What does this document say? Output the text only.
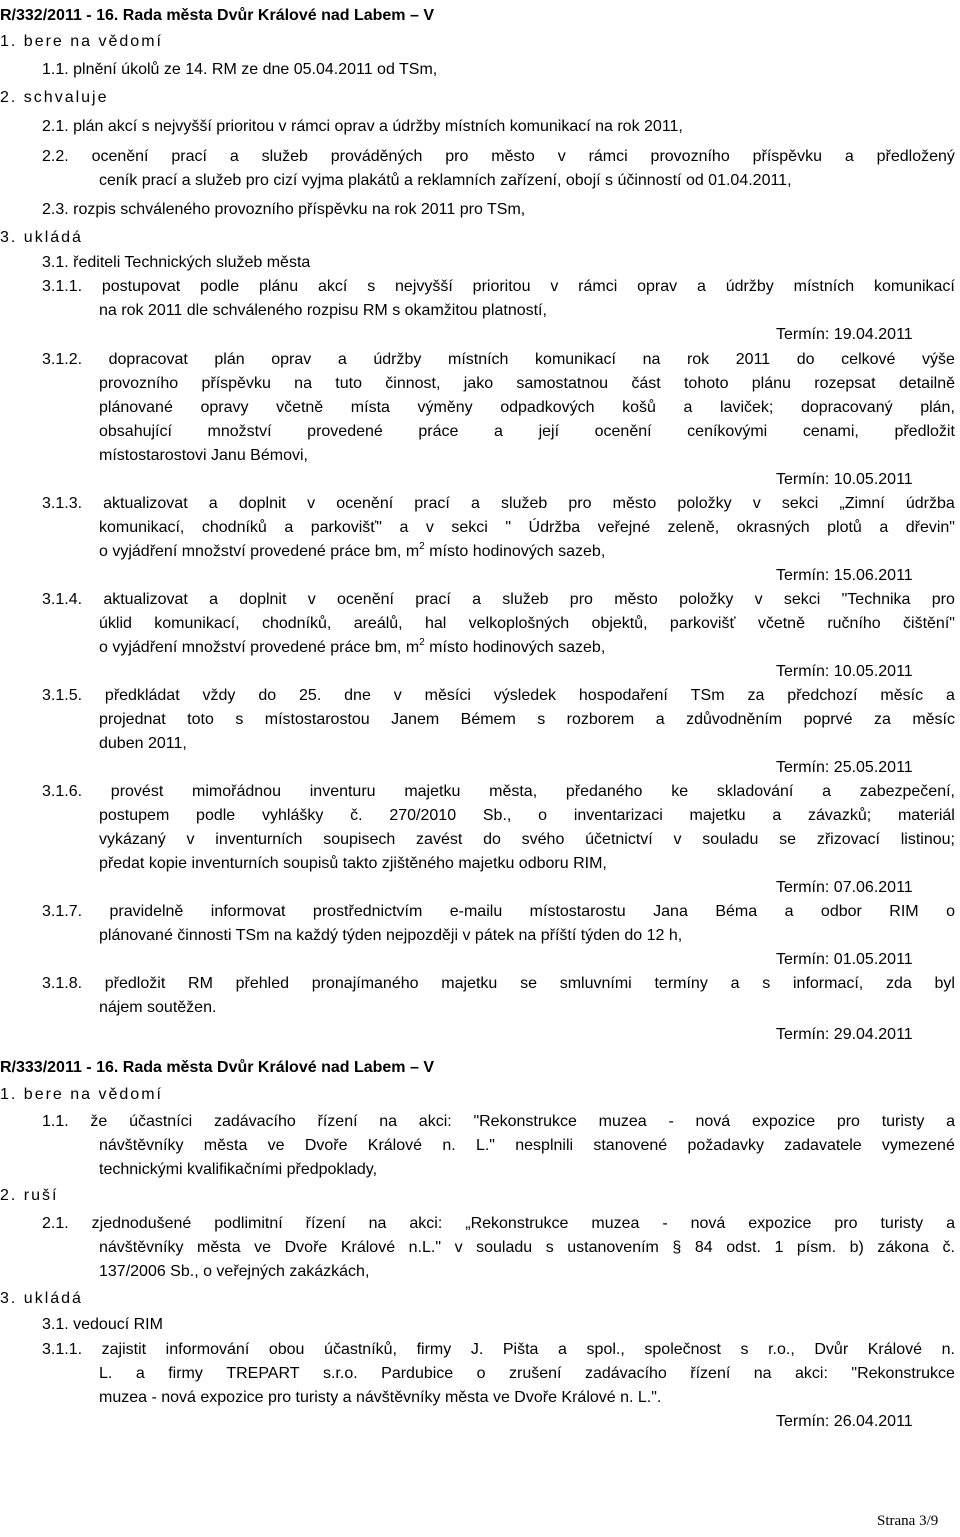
R/332/2011 - 16. Rada města Dvůr Králové nad Labem – V
1. bere na vědomí
1.1. plnění úkolů ze 14. RM ze dne 05.04.2011 od TSm,
2. schvaluje
2.1. plán akcí s nejvyšší prioritou v rámci oprav a údržby místních komunikací na rok 2011,
2.2. ocenění prací a služeb prováděných pro město v rámci provozního příspěvku a předložený
ceník prací a služeb pro cizí vyjma plakátů a reklamních zařízení, obojí s účinností od 01.04.2011,
2.3. rozpis schváleného provozního příspěvku na rok 2011 pro TSm,
3. ukládá
3.1. řediteli Technických služeb města
3.1.1. postupovat podle plánu akcí s nejvyšší prioritou v rámci oprav a údržby místních komunikací
na rok 2011 dle schváleného rozpisu RM s okamžitou platností,
Termín: 19.04.2011
3.1.2. dopracovat plán oprav a údržby místních komunikací na rok 2011 do celkové výše
provozního příspěvku na tuto činnost, jako samostatnou část tohoto plánu rozepsat detailně
plánované opravy včetně místa výměny odpadkových košů a laviček; dopracovaný plán,
obsahující množství provedené práce a její ocenění ceníkovými cenami, předložit
místostarostovi Janu Bémovi,
Termín: 10.05.2011
3.1.3. aktualizovat a doplnit v ocenění prací a služeb pro město položky v sekci „Zimní údržba
komunikací, chodníků a parkovišť" a v sekci " Údržba veřejné zeleně, okrasných plotů a dřevin"
o vyjádření množství provedené práce bm, $m^2$ místo hodinových sazeb,
Termín: 15.06.2011
3.1.4. aktualizovat a doplnit v ocenění prací a služeb pro město položky v sekci "Technika pro
úklid komunikací, chodníků, areálů, hal velkoplošných objektů, parkovišť včetně ručního čištění"
o vyjádření množství provedené práce bm, $m^2$ místo hodinových sazeb,
Termín: 10.05.2011
3.1.5. předkládat vždy do 25. dne v měsíci výsledek hospodaření TSm za předchozí měsíc a
projednat toto s místostarostou Janem Bémem s rozborem a zdůvodněním poprvé za měsíc
duben 2011,
Termín: 25.05.2011
3.1.6. provést mimořádnou inventuru majetku města, předaného ke skladování a zabezpečení,
postupem podle vyhlášky č. 270/2010 Sb., o inventarizaci majetku a závazků; materiál
vykázaný v inventurních soupisech zavést do svého účetnictví v souladu se zřizovací listinou;
předat kopie inventurních soupisů takto zjištěného majetku odboru RIM,
Termín: 07.06.2011
3.1.7. pravidelně informovat prostřednictvím e-mailu místostarostu Jana Béma a odbor RIM o
plánované činnosti TSm na každý týden nejpozději v pátek na příští týden do 12 h,
Termín: 01.05.2011
3.1.8. předložit RM přehled pronajímaného majetku se smluvními termíny a s informací, zda byl
nájem soutěžen.
Termín: 29.04.2011
R/333/2011 - 16. Rada města Dvůr Králové nad Labem – V
1. bere na vědomí
1.1. že účastníci zadávacího řízení na akci: "Rekonstrukce muzea - nová expozice pro turisty a
návštěvníky města ve Dvoře Králové n. L." nesplnili stanovené požadavky zadavatele vymezené
technickými kvalifikačními předpoklady,
2. ruší
2.1. zjednodušené podlimitní řízení na akci: „Rekonstrukce muzea - nová expozice pro turisty a
návštěvníky města ve Dvoře Králové n.L." v souladu s ustanovením § 84 odst. 1 písm. b) zákona č.
137/2006 Sb., o veřejných zakázkách,
3. ukládá
3.1. vedoucí RIM
3.1.1. zajistit informování obou účastníků, firmy J. Pišta a spol., společnost s r.o., Dvůr Králové n.
L. a firmy TREPART s.r.o. Pardubice o zrušení zadávacího řízení na akci: "Rekonstrukce
muzea - nová expozice pro turisty a návštěvníky města ve Dvoře Králové n. L.".
Termín: 26.04.2011
Strana 3/9
